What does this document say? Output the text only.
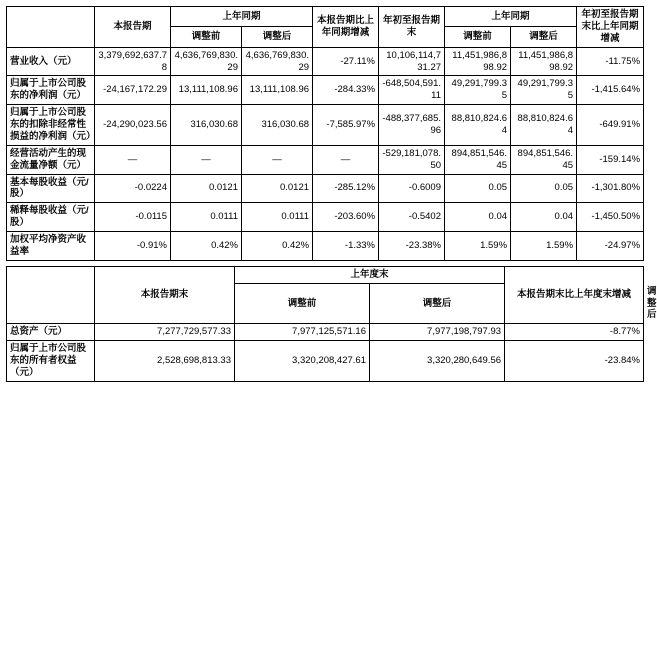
	本报告期	上年同期		本报告期比上年同期增减	年初至报告期末	上年同期		年初至报告期末比上年同期增减
		调整前	调整后			调整前	调整后	
营业收入（元）	3,379,692,637.78	4,636,769,830.29	4,636,769,830.29	-27.11%	10,106,114,731.27	11,451,986,898.92	11,451,986,898.92	-11.75%
归属于上市公司股东的净利润（元）	-24,167,172.29	13,111,108.96	13,111,108.96	-284.33%	-648,504,591.11	49,291,799.35	49,291,799.35	-1,415.64%
归属于上市公司股东的扣除非经常性损益的净利润（元）	-24,290,023.56	316,030.68	316,030.68	-7,585.97%	-488,377,685.96	88,810,824.64	88,810,824.64	-649.91%
经营活动产生的现金流量净额（元）	—	—	—	—	-529,181,078.50	894,851,546.45	894,851,546.45	-159.14%
基本每股收益（元/股）	-0.0224	0.0121	0.0121	-285.12%	-0.6009	0.05	0.05	-1,301.80%
稀释每股收益（元/股）	-0.0115	0.0111	0.0111	-203.60%	-0.5402	0.04	0.04	-1,450.50%
加权平均净资产收益率	-0.91%	0.42%	0.42%	-1.33%	-23.38%	1.59%	1.59%	-24.97%
	本报告期末	上年度末		本报告期末比上年度末增减	
		调整前	调整后		调整后
总资产（元）	7,277,729,577.33	7,977,125,571.16	7,977,198,797.93	-8.77%	
归属于上市公司股东的所有者权益（元）	2,528,698,813.33	3,320,208,427.61	3,320,280,649.56	-23.84%	
